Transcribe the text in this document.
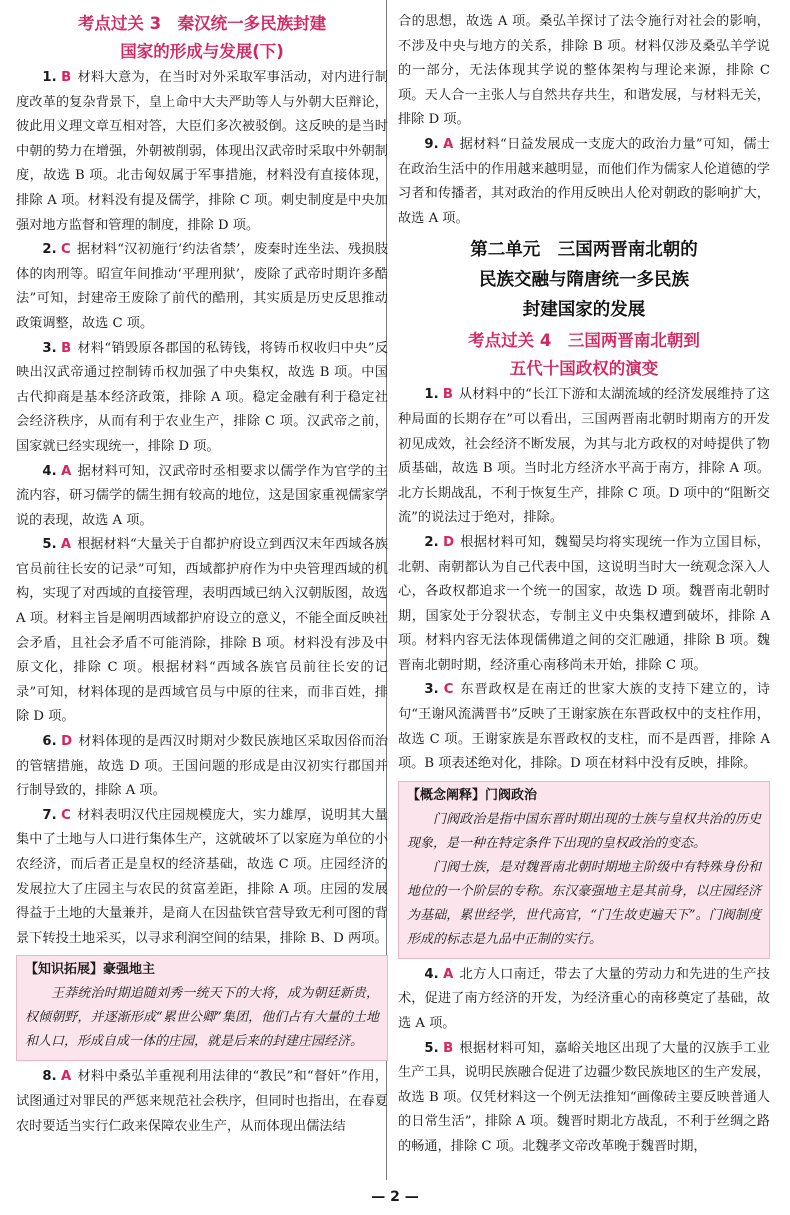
考点过关 3　秦汉统一多民族封建
国家的形成与发展(下)

1. B 材料大意为，在当时对外采取军事活动，对内进行制度改革的复杂背景下，皇上命中大夫严助等人与外朝大臣辩论，彼此用义理文章互相对答，大臣们多次被驳倒。这反映的是当时中朝的势力在增强，外朝被削弱，体现出汉武帝时采取中外朝制度，故选 B 项。北击匈奴属于军事措施，材料没有直接体现，排除 A 项。材料没有提及儒学，排除 C 项。刺史制度是中央加强对地方监督和管理的制度，排除 D 项。

2. C 据材料“汉初施行‘约法省禁’，废秦时连坐法、残损肢体的肉刑等。昭宣年间推动‘平理刑狱’，废除了武帝时期许多酷法”可知，封建帝王废除了前代的酷刑，其实质是历史反思推动政策调整，故选 C 项。

3. B 材料“销毁原各郡国的私铸钱，将铸币权收归中央”反映出汉武帝通过控制铸币权加强了中央集权，故选 B 项。中国古代抑商是基本经济政策，排除 A 项。稳定金融有利于稳定社会经济秩序，从而有利于农业生产，排除 C 项。汉武帝之前，国家就已经实现统一，排除 D 项。

4. A 据材料可知，汉武帝时丞相要求以儒学作为官学的主流内容，研习儒学的儒生拥有较高的地位，这是国家重视儒家学说的表现，故选 A 项。

5. A 根据材料“大量关于自都护府设立到西汉末年西域各族官员前往长安的记录”可知，西域都护府作为中央管理西域的机构，实现了对西域的直接管理，表明西域已纳入汉朝版图，故选 A 项。材料主旨是阐明西域都护府设立的意义，不能全面反映社会矛盾，且社会矛盾不可能消除，排除 B 项。材料没有涉及中原文化，排除 C 项。根据材料“西域各族官员前往长安的记录”可知，材料体现的是西域官员与中原的往来，而非百姓，排除 D 项。

6. D 材料体现的是西汉时期对少数民族地区采取因俗而治的管辖措施，故选 D 项。王国问题的形成是由汉初实行郡国并行制导致的，排除 A 项。

7. C 材料表明汉代庄园规模庞大，实力雄厚，说明其大量集中了土地与人口进行集体生产，这就破坏了以家庭为单位的小农经济，而后者正是皇权的经济基础，故选 C 项。庄园经济的发展拉大了庄园主与农民的贫富差距，排除 A 项。庄园的发展得益于土地的大量兼并，是商人在因盐铁官营导致无利可图的背景下转投土地采买，以寻求利润空间的结果，排除 B、D 两项。

【知识拓展】豪强地主
王莽统治时期追随刘秀一统天下的大将，成为朝廷新贵，权倾朝野，并逐渐形成“累世公卿”集团，他们占有大量的土地和人口，形成自成一体的庄园，就是后来的封建庄园经济。

8. A 材料中桑弘羊重视利用法律的“教民”和“督奸”作用，试图通过对罪民的严惩来规范社会秩序，但同时也指出，在春夏农时要适当实行仁政来保障农业生产，从而体现出儒法结

合的思想，故选 A 项。桑弘羊探讨了法令施行对社会的影响，不涉及中央与地方的关系，排除 B 项。材料仅涉及桑弘羊学说的一部分，无法体现其学说的整体架构与理论来源，排除 C 项。天人合一主张人与自然共存共生，和谐发展，与材料无关，排除 D 项。

9. A 据材料“日益发展成一支庞大的政治力量”可知，儒士在政治生活中的作用越来越明显，而他们作为儒家人伦道德的学习者和传播者，其对政治的作用反映出人伦对朝政的影响扩大，故选 A 项。

第二单元　三国两晋南北朝的
民族交融与隋唐统一多民族
封建国家的发展
考点过关 4　三国两晋南北朝到
五代十国政权的演变

1. B 从材料中的“长江下游和太湖流域的经济发展维持了这种局面的长期存在”可以看出，三国两晋南北朝时期南方的开发初见成效，社会经济不断发展，为其与北方政权的对峙提供了物质基础，故选 B 项。当时北方经济水平高于南方，排除 A 项。北方长期战乱，不利于恢复生产，排除 C 项。D 项中的“阻断交流”的说法过于绝对，排除。

2. D 根据材料可知，魏蜀吴均将实现统一作为立国目标，北朝、南朝都认为自己代表中国，这说明当时大一统观念深入人心，各政权都追求一个统一的国家，故选 D 项。魏晋南北朝时期，国家处于分裂状态，专制主义中央集权遭到破坏，排除 A 项。材料内容无法体现儒佛道之间的交汇融通，排除 B 项。魏晋南北朝时期，经济重心南移尚未开始，排除 C 项。

3. C 东晋政权是在南迁的世家大族的支持下建立的，诗句“王谢风流满晋书”反映了王谢家族在东晋政权中的支柱作用，故选 C 项。王谢家族是东晋政权的支柱，而不是西晋，排除 A 项。B 项表述绝对化，排除。D 项在材料中没有反映，排除。

【概念阐释】门阀政治
门阀政治是指中国东晋时期出现的士族与皇权共治的历史现象，是一种在特定条件下出现的皇权政治的变态。
门阀士族，是对魏晋南北朝时期地主阶级中有特殊身份和地位的一个阶层的专称。东汉豪强地主是其前身，以庄园经济为基础，累世经学，世代高官，“门生故吏遍天下”。门阀制度形成的标志是九品中正制的实行。

4. A 北方人口南迁，带去了大量的劳动力和先进的生产技术，促进了南方经济的开发，为经济重心的南移奠定了基础，故选 A 项。

5. B 根据材料可知，嘉峪关地区出现了大量的汉族手工业生产工具，说明民族融合促进了边疆少数民族地区的生产发展，故选 B 项。仅凭材料这一个例无法推知“画像砖主要反映普通人的日常生活”，排除 A 项。魏晋时期北方战乱，不利于丝绸之路的畅通，排除 C 项。北魏孝文帝改革晚于魏晋时期，

— 2 —
